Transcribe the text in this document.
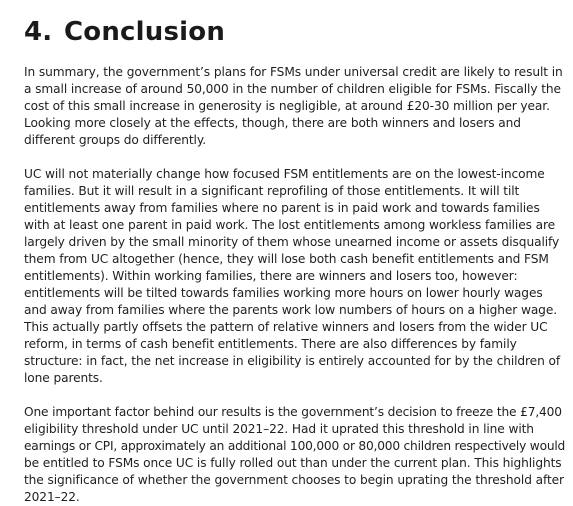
4. Conclusion

In summary, the government’s plans for FSMs under universal credit are likely to result in
a small increase of around 50,000 in the number of children eligible for FSMs. Fiscally the
cost of this small increase in generosity is negligible, at around £20-30 million per year.
Looking more closely at the effects, though, there are both winners and losers and
different groups do differently.

UC will not materially change how focused FSM entitlements are on the lowest-income
families. But it will result in a significant reprofiling of those entitlements. It will tilt
entitlements away from families where no parent is in paid work and towards families
with at least one parent in paid work. The lost entitlements among workless families are
largely driven by the small minority of them whose unearned income or assets disqualify
them from UC altogether (hence, they will lose both cash benefit entitlements and FSM
entitlements). Within working families, there are winners and losers too, however:
entitlements will be tilted towards families working more hours on lower hourly wages
and away from families where the parents work low numbers of hours on a higher wage.
This actually partly offsets the pattern of relative winners and losers from the wider UC
reform, in terms of cash benefit entitlements. There are also differences by family
structure: in fact, the net increase in eligibility is entirely accounted for by the children of
lone parents.

One important factor behind our results is the government’s decision to freeze the £7,400
eligibility threshold under UC until 2021–22. Had it uprated this threshold in line with
earnings or CPI, approximately an additional 100,000 or 80,000 children respectively would
be entitled to FSMs once UC is fully rolled out than under the current plan. This highlights
the significance of whether the government chooses to begin uprating the threshold after
2021–22.
